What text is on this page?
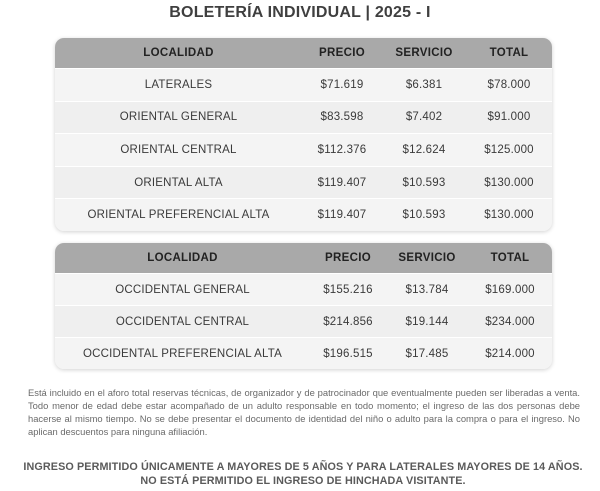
BOLETERÍA INDIVIDUAL | 2025 - I
LOCALIDAD	PRECIO	SERVICIO	TOTAL
LATERALES	$71.619	$6.381	$78.000
ORIENTAL GENERAL	$83.598	$7.402	$91.000
ORIENTAL CENTRAL	$112.376	$12.624	$125.000
ORIENTAL ALTA	$119.407	$10.593	$130.000
ORIENTAL PREFERENCIAL ALTA	$119.407	$10.593	$130.000
LOCALIDAD	PRECIO	SERVICIO	TOTAL
OCCIDENTAL GENERAL	$155.216	$13.784	$169.000
OCCIDENTAL CENTRAL	$214.856	$19.144	$234.000
OCCIDENTAL PREFERENCIAL ALTA	$196.515	$17.485	$214.000
Está incluido en el aforo total reservas técnicas, de organizador y de patrocinador que eventualmente pueden ser liberadas a venta. Todo menor de edad debe estar acompañado de un adulto responsable en todo momento; el ingreso de las dos personas debe hacerse al mismo tiempo. No se debe presentar el documento de identidad del niño o adulto para la compra o para el ingreso. No aplican descuentos para ninguna afiliación.
INGRESO PERMITIDO ÚNICAMENTE A MAYORES DE 5 AÑOS Y PARA LATERALES MAYORES DE 14 AÑOS. NO ESTÁ PERMITIDO EL INGRESO DE HINCHADA VISITANTE.
